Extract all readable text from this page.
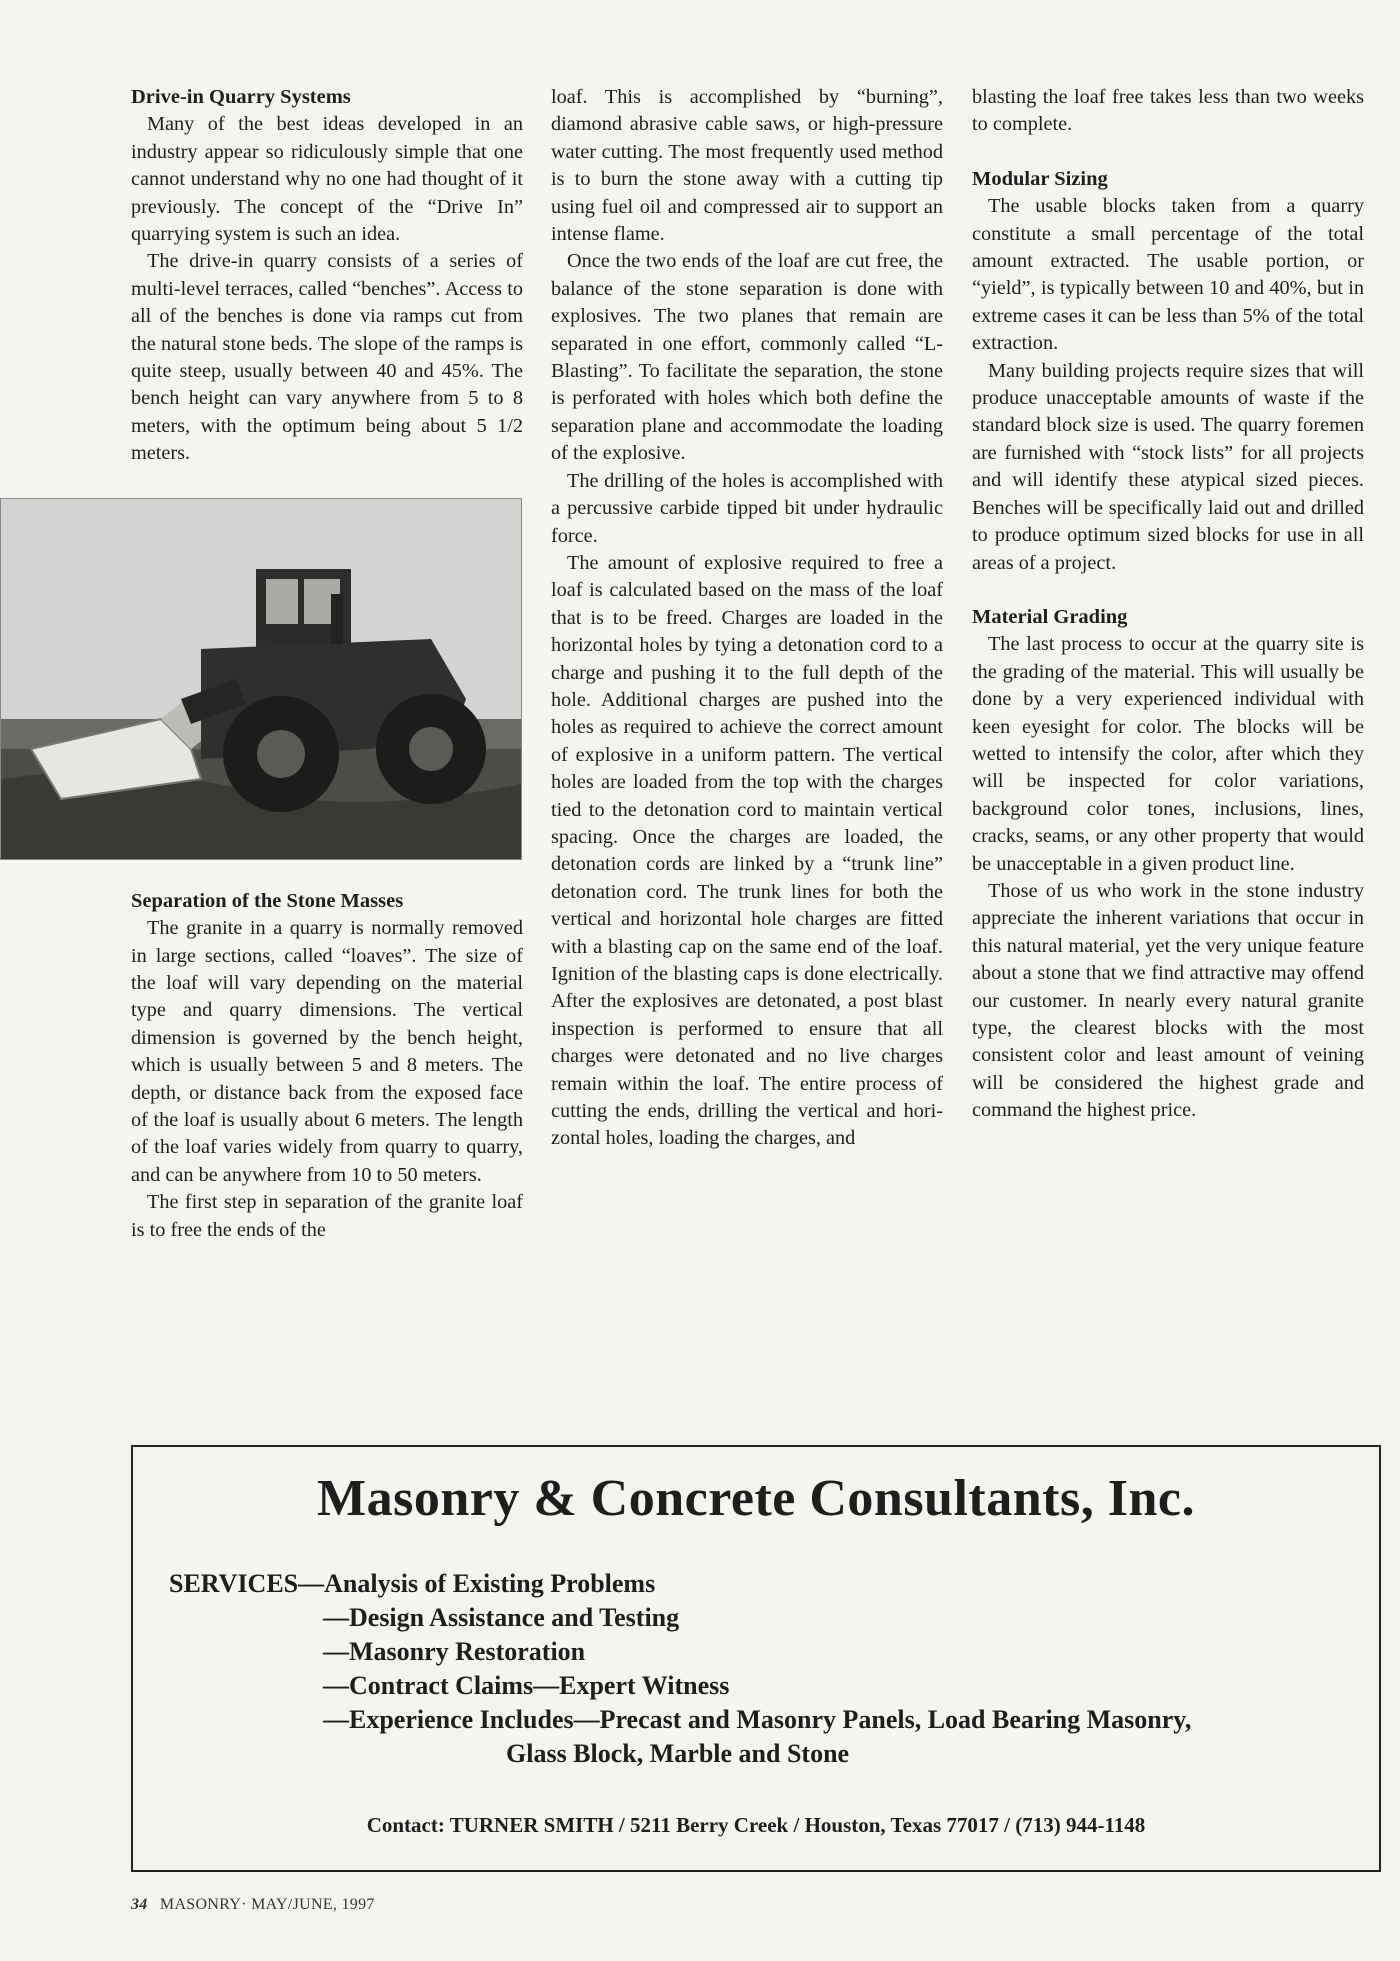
Drive-in Quarry Systems

Many of the best ideas developed in an industry appear so ridiculously simple that one cannot understand why no one had thought of it previously. The concept of the “Drive In” quarrying system is such an idea.

The drive-in quarry consists of a series of multi-level terraces, called “benches”. Access to all of the benches is done via ramps cut from the natural stone beds. The slope of the ramps is quite steep, usually between 40 and 45%. The bench height can vary anywhere from 5 to 8 meters, with the optimum being about 5 1/2 meters.

Separation of the Stone Masses

The granite in a quarry is normally removed in large sections, called “loaves”. The size of the loaf will vary depending on the material type and quarry dimensions. The vertical dimension is governed by the bench height, which is usually between 5 and 8 meters. The depth, or distance back from the exposed face of the loaf is usually about 6 meters. The length of the loaf varies widely from quarry to quarry, and can be anywhere from 10 to 50 meters.

The first step in separation of the granite loaf is to free the ends of the

loaf. This is accomplished by “burning”, diamond abrasive cable saws, or high-pressure water cutting. The most frequently used method is to burn the stone away with a cutting tip using fuel oil and compressed air to support an intense flame.

Once the two ends of the loaf are cut free, the balance of the stone separation is done with explosives. The two planes that remain are separated in one effort, commonly called “L-Blasting”. To facilitate the separation, the stone is perforated with holes which both define the separation plane and accommodate the loading of the explosive.

The drilling of the holes is accomplished with a percussive carbide tipped bit under hydraulic force.

The amount of explosive required to free a loaf is calculated based on the mass of the loaf that is to be freed. Charges are loaded in the horizontal holes by tying a detonation cord to a charge and pushing it to the full depth of the hole. Additional charges are pushed into the holes as required to achieve the correct amount of explosive in a uniform pattern. The vertical holes are loaded from the top with the charges tied to the detonation cord to maintain vertical spacing. Once the charges are loaded, the detonation cords are linked by a “trunk line” detonation cord. The trunk lines for both the vertical and horizontal hole charges are fitted with a blasting cap on the same end of the loaf. Ignition of the blasting caps is done electrically. After the explosives are detonated, a post blast inspection is performed to ensure that all charges were detonated and no live charges remain within the loaf. The entire process of cutting the ends, drilling the vertical and horizontal holes, loading the charges, and

blasting the loaf free takes less than two weeks to complete.

Modular Sizing

The usable blocks taken from a quarry constitute a small percentage of the total amount extracted. The usable portion, or “yield”, is typically between 10 and 40%, but in extreme cases it can be less than 5% of the total extraction.

Many building projects require sizes that will produce unacceptable amounts of waste if the standard block size is used. The quarry foremen are furnished with “stock lists” for all projects and will identify these atypical sized pieces. Benches will be specifically laid out and drilled to produce optimum sized blocks for use in all areas of a project.

Material Grading

The last process to occur at the quarry site is the grading of the material. This will usually be done by a very experienced individual with keen eyesight for color. The blocks will be wetted to intensify the color, after which they will be inspected for color variations, background color tones, inclusions, lines, cracks, seams, or any other property that would be unacceptable in a given product line.

Those of us who work in the stone industry appreciate the inherent variations that occur in this natural material, yet the very unique feature about a stone that we find attractive may offend our customer. In nearly every natural granite type, the clearest blocks with the most consistent color and least amount of veining will be considered the highest grade and command the highest price.

Masonry & Concrete Consultants, Inc.
SERVICES—Analysis of Existing Problems
—Design Assistance and Testing
—Masonry Restoration
—Contract Claims—Expert Witness
—Experience Includes—Precast and Masonry Panels, Load Bearing Masonry,
Glass Block, Marble and Stone
Contact: TURNER SMITH / 5211 Berry Creek / Houston, Texas 77017 / (713) 944-1148
34 MASONRY· MAY/JUNE, 1997
